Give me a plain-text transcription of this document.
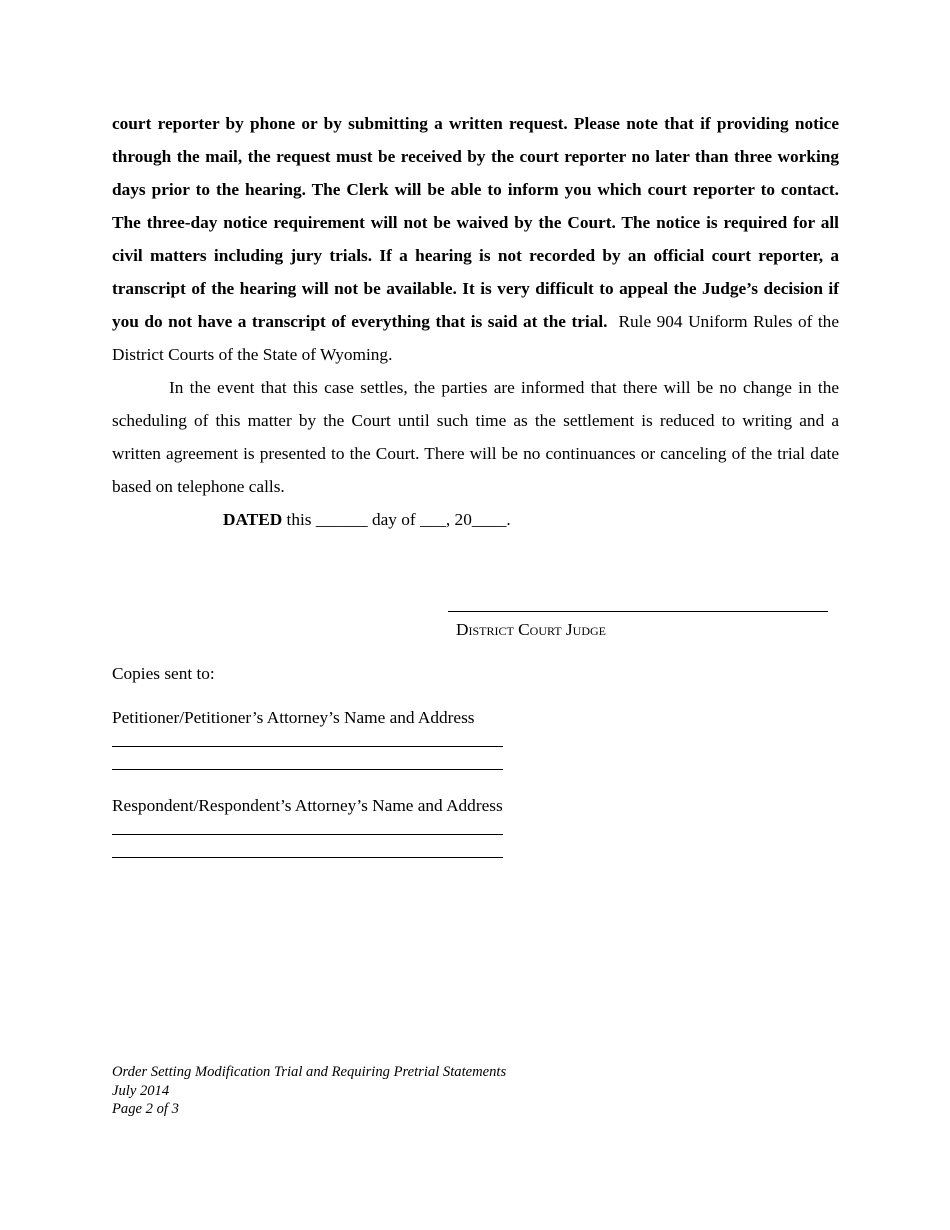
court reporter by phone or by submitting a written request. Please note that if providing notice through the mail, the request must be received by the court reporter no later than three working days prior to the hearing. The Clerk will be able to inform you which court reporter to contact. The three-day notice requirement will not be waived by the Court. The notice is required for all civil matters including jury trials. If a hearing is not recorded by an official court reporter, a transcript of the hearing will not be available. It is very difficult to appeal the Judge’s decision if you do not have a transcript of everything that is said at the trial. Rule 904 Uniform Rules of the District Courts of the State of Wyoming.

In the event that this case settles, the parties are informed that there will be no change in the scheduling of this matter by the Court until such time as the settlement is reduced to writing and a written agreement is presented to the Court. There will be no continuances or canceling of the trial date based on telephone calls.

DATED this ______ day of ___, 20____.
District Court Judge
Copies sent to:
Petitioner/Petitioner’s Attorney’s Name and Address
Respondent/Respondent’s Attorney’s Name and Address
Order Setting Modification Trial and Requiring Pretrial Statements
July 2014
Page 2 of 3
